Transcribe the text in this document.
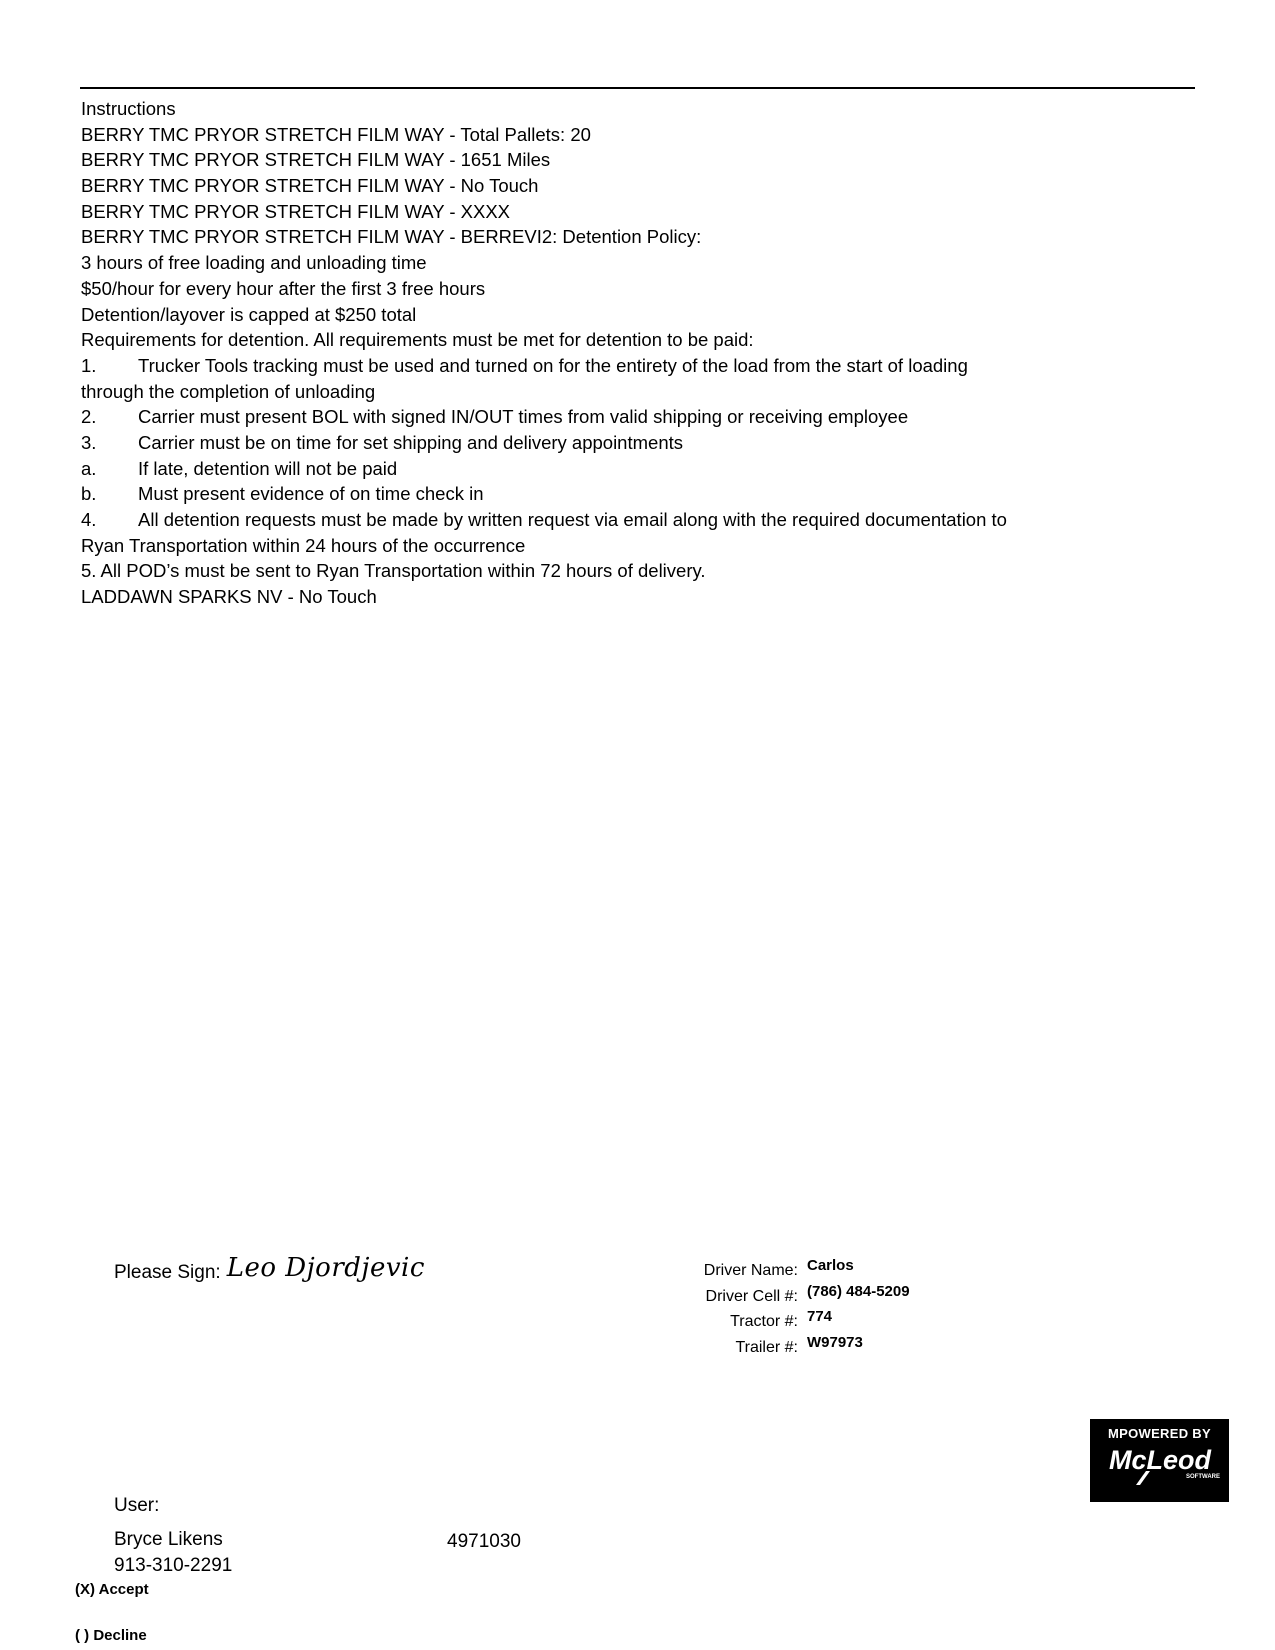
Instructions
BERRY TMC PRYOR STRETCH FILM WAY - Total Pallets: 20
BERRY TMC PRYOR STRETCH FILM WAY - 1651 Miles
BERRY TMC PRYOR STRETCH FILM WAY - No Touch
BERRY TMC PRYOR STRETCH FILM WAY - XXXX
BERRY TMC PRYOR STRETCH FILM WAY - BERREVI2: Detention Policy:
3 hours of free loading and unloading time
$50/hour for every hour after the first 3 free hours
Detention/layover is capped at $250 total
Requirements for detention. All requirements must be met for detention to be paid:
1. Trucker Tools tracking must be used and turned on for the entirety of the load from the start of loading
through the completion of unloading
2. Carrier must present BOL with signed IN/OUT times from valid shipping or receiving employee
3. Carrier must be on time for set shipping and delivery appointments
a. If late, detention will not be paid
b. Must present evidence of on time check in
4. All detention requests must be made by written request via email along with the required documentation to
Ryan Transportation within 24 hours of the occurrence
5. All POD’s must be sent to Ryan Transportation within 72 hours of delivery.
LADDAWN SPARKS NV - No Touch
Please Sign: Leo Djordjevic	Driver Name: Carlos
Driver Cell #: (786) 484-5209
Tractor #: 774
Trailer #: W97973
MPOWERED BY
McLeod
SOFTWARE
User:
Bryce Likens
913-310-2291
4971030
(X) Accept
( ) Decline
